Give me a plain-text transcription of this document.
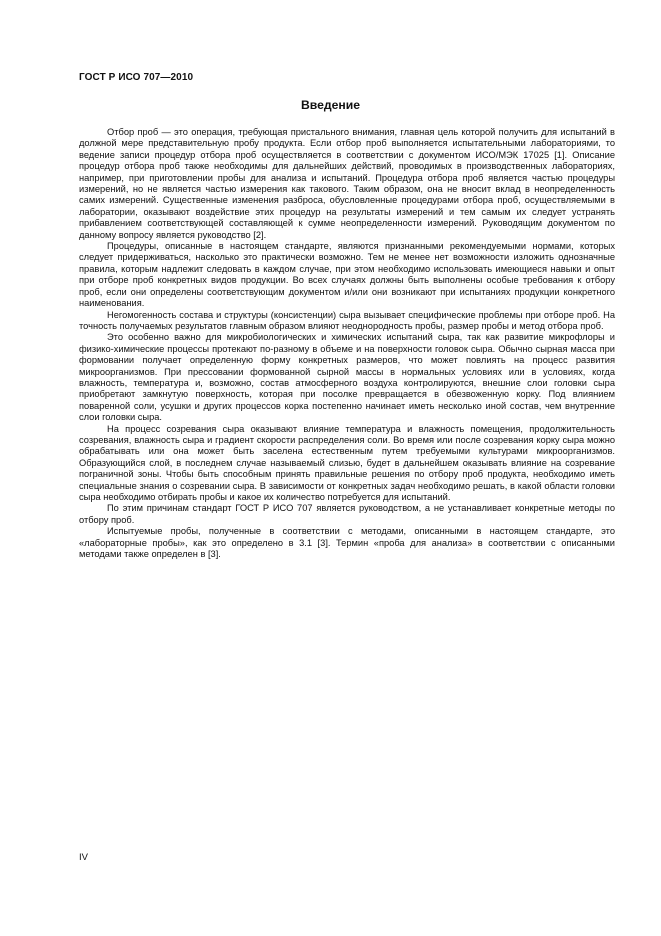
ГОСТ Р ИСО 707—2010
Введение

Отбор проб — это операция, требующая пристального внимания, главная цель которой получить для испытаний в должной мере представительную пробу продукта. Если отбор проб выполняется испытательными лабораториями, то ведение записи процедур отбора проб осуществляется в соответствии с документом ИСО/МЭК 17025 [1]. Описание процедур отбора проб также необходимы для дальнейших действий, проводимых в производственных лабораториях, например, при приготовлении пробы для анализа и испытаний. Процедура отбора проб является частью процедуры измерений, но не является частью измерения как такового. Таким образом, она не вносит вклад в неопределенность самих измерений. Существенные изменения разброса, обусловленные процедурами отбора проб, осуществляемыми в лаборатории, оказывают воздействие этих процедур на результаты измерений и тем самым их следует устранять прибавлением соответствующей составляющей к сумме неопределенности измерений. Руководящим документом по данному вопросу является руководство [2].

Процедуры, описанные в настоящем стандарте, являются признанными рекомендуемыми нормами, которых следует придерживаться, насколько это практически возможно. Тем не менее нет возможности изложить однозначные правила, которым надлежит следовать в каждом случае, при этом необходимо использовать имеющиеся навыки и опыт при отборе проб конкретных видов продукции. Во всех случаях должны быть выполнены особые требования к отбору проб, если они определены соответствующим документом и/или они возникают при испытаниях продукции конкретного наименования.

Негомогенность состава и структуры (консистенции) сыра вызывает специфические проблемы при отборе проб. На точность получаемых результатов главным образом влияют неоднородность пробы, размер пробы и метод отбора проб.

Это особенно важно для микробиологических и химических испытаний сыра, так как развитие микрофлоры и физико-химические процессы протекают по-разному в объеме и на поверхности головок сыра. Обычно сырная масса при формовании получает определенную форму конкретных размеров, что может повлиять на процесс развития микроорганизмов. При прессовании формованной сырной массы в нормальных условиях или в условиях, когда влажность, температура и, возможно, состав атмосферного воздуха контролируются, внешние слои головки сыра приобретают замкнутую поверхность, которая при посолке превращается в обезвоженную корку. Под влиянием поваренной соли, усушки и других процессов корка постепенно начинает иметь несколько иной состав, чем внутренние слои головки сыра.

На процесс созревания сыра оказывают влияние температура и влажность помещения, продолжительность созревания, влажность сыра и градиент скорости распределения соли. Во время или после созревания корку сыра можно обрабатывать или она может быть заселена естественным путем требуемыми культурами микроорганизмов. Образующийся слой, в последнем случае называемый слизью, будет в дальнейшем оказывать влияние на созревание пограничной зоны. Чтобы быть способным принять правильные решения по отбору проб продукта, необходимо иметь специальные знания о созревании сыра. В зависимости от конкретных задач необходимо решать, в какой области головки сыра необходимо отбирать пробы и какое их количество потребуется для испытаний.

По этим причинам стандарт ГОСТ Р ИСО 707 является руководством, а не устанавливает конкретные методы по отбору проб.

Испытуемые пробы, полученные в соответствии с методами, описанными в настоящем стандарте, это «лабораторные пробы», как это определено в 3.1 [3]. Термин «проба для анализа» в соответствии с описанными методами также определен в [3].

IV
